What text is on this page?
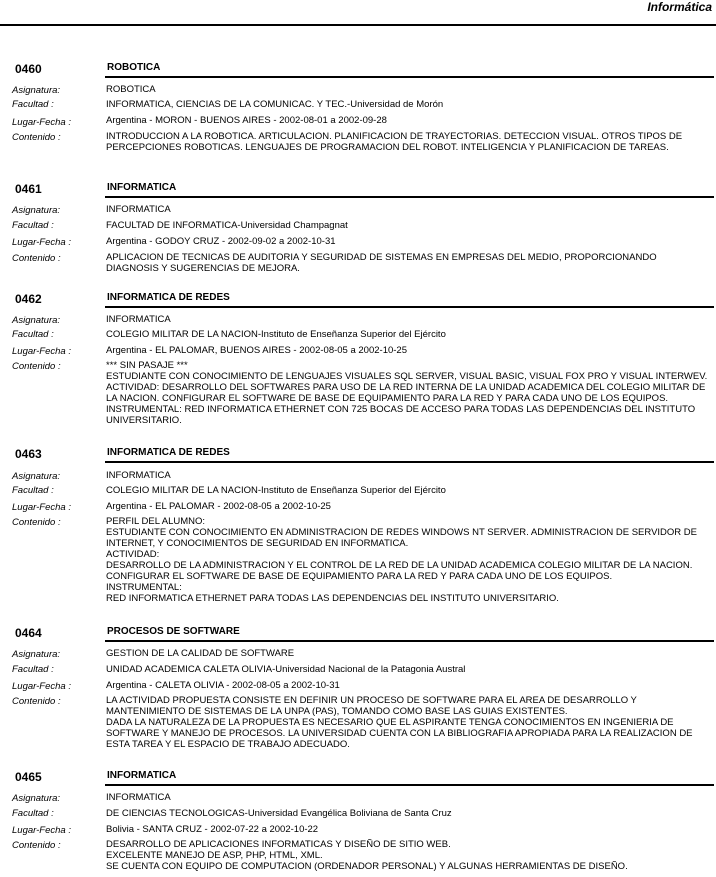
Informática
0460	ROBOTICA
Asignatura:	ROBOTICA
Facultad :	INFORMATICA, CIENCIAS DE LA COMUNICAC. Y TEC.-Universidad de Morón
Lugar-Fecha :	Argentina - MORON - BUENOS AIRES - 2002-08-01 a 2002-09-28
Contenido :	INTRODUCCION A LA ROBOTICA. ARTICULACION. PLANIFICACION DE TRAYECTORIAS. DETECCION VISUAL. OTROS TIPOS DE PERCEPCIONES ROBOTICAS. LENGUAJES DE PROGRAMACION DEL ROBOT. INTELIGENCIA Y PLANIFICACION DE TAREAS.
0461	INFORMATICA
Asignatura:	INFORMATICA
Facultad :	FACULTAD DE INFORMATICA-Universidad Champagnat
Lugar-Fecha :	Argentina - GODOY CRUZ - 2002-09-02 a 2002-10-31
Contenido :	APLICACION DE TECNICAS DE AUDITORIA Y SEGURIDAD DE SISTEMAS EN EMPRESAS DEL MEDIO, PROPORCIONANDO DIAGNOSIS Y SUGERENCIAS DE MEJORA.
0462	INFORMATICA DE REDES
Asignatura:	INFORMATICA
Facultad :	COLEGIO MILITAR DE LA NACION-Instituto de Enseñanza Superior del Ejército
Lugar-Fecha :	Argentina - EL PALOMAR, BUENOS AIRES - 2002-08-05 a 2002-10-25
Contenido :	*** SIN PASAJE ***
ESTUDIANTE CON CONOCIMIENTO DE LENGUAJES VISUALES SQL SERVER, VISUAL BASIC, VISUAL FOX PRO Y VISUAL INTERWEV. ACTIVIDAD: DESARROLLO DEL SOFTWARES PARA USO DE LA RED INTERNA DE LA UNIDAD ACADEMICA DEL COLEGIO MILITAR DE LA NACION. CONFIGURAR EL SOFTWARE DE BASE DE EQUIPAMIENTO PARA LA RED Y PARA CADA UNO DE LOS EQUIPOS. INSTRUMENTAL: RED INFORMATICA ETHERNET CON 725 BOCAS DE ACCESO PARA TODAS LAS DEPENDENCIAS DEL INSTITUTO UNIVERSITARIO.
0463	INFORMATICA DE REDES
Asignatura:	INFORMATICA
Facultad :	COLEGIO MILITAR DE LA NACION-Instituto de Enseñanza Superior del Ejército
Lugar-Fecha :	Argentina - EL PALOMAR - 2002-08-05 a 2002-10-25
Contenido :	PERFIL DEL ALUMNO:
ESTUDIANTE CON CONOCIMIENTO EN ADMINISTRACION DE REDES WINDOWS NT SERVER. ADMINISTRACION DE SERVIDOR DE INTERNET, Y CONOCIMIENTOS DE SEGURIDAD EN INFORMATICA.
ACTIVIDAD:
DESARROLLO DE LA ADMINISTRACION Y EL CONTROL DE LA RED DE LA UNIDAD ACADEMICA COLEGIO MILITAR DE LA NACION. CONFIGURAR EL SOFTWARE DE BASE DE EQUIPAMIENTO PARA LA RED Y PARA CADA UNO DE LOS EQUIPOS.
INSTRUMENTAL:
RED INFORMATICA ETHERNET PARA TODAS LAS DEPENDENCIAS DEL INSTITUTO UNIVERSITARIO.
0464	PROCESOS DE SOFTWARE
Asignatura:	GESTION DE LA CALIDAD DE SOFTWARE
Facultad :	UNIDAD ACADEMICA CALETA OLIVIA-Universidad Nacional de la Patagonia Austral
Lugar-Fecha :	Argentina - CALETA OLIVIA - 2002-08-05 a 2002-10-31
Contenido :	LA ACTIVIDAD PROPUESTA CONSISTE EN DEFINIR UN PROCESO DE SOFTWARE PARA EL AREA DE DESARROLLO Y MANTENIMIENTO DE SISTEMAS DE LA UNPA (PAS), TOMANDO COMO BASE LAS GUIAS EXISTENTES.
DADA LA NATURALEZA DE LA PROPUESTA ES NECESARIO QUE EL ASPIRANTE TENGA CONOCIMIENTOS EN INGENIERIA DE SOFTWARE Y MANEJO DE PROCESOS. LA UNIVERSIDAD CUENTA CON LA BIBLIOGRAFIA APROPIADA PARA LA REALIZACION DE ESTA TAREA Y EL ESPACIO DE TRABAJO ADECUADO.
0465	INFORMATICA
Asignatura:	INFORMATICA
Facultad :	DE CIENCIAS TECNOLOGICAS-Universidad Evangélica Boliviana de Santa Cruz
Lugar-Fecha :	Bolivia - SANTA CRUZ - 2002-07-22 a 2002-10-22
Contenido :	DESARROLLO DE APLICACIONES INFORMATICAS Y DISEÑO DE SITIO WEB.
EXCELENTE MANEJO DE ASP, PHP, HTML, XML.
SE CUENTA CON EQUIPO DE COMPUTACION (ORDENADOR PERSONAL) Y ALGUNAS HERRAMIENTAS DE DISEÑO.
